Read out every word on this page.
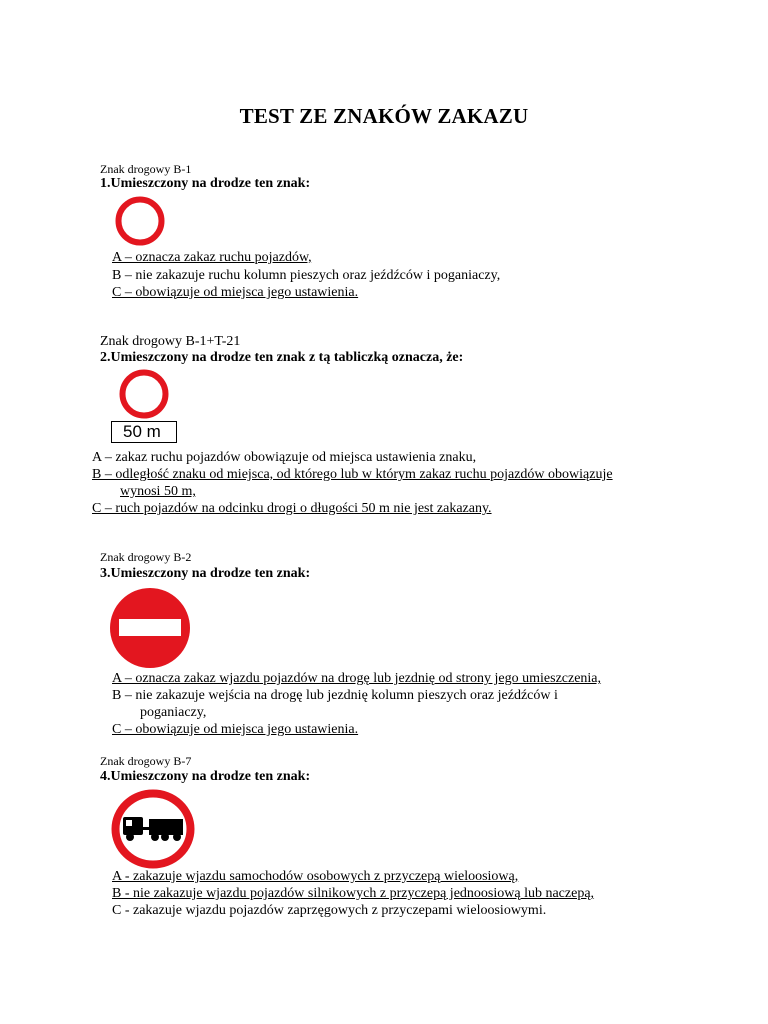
TEST ZE ZNAKÓW ZAKAZU
Znak drogowy B-1
1.Umieszczony na drodze ten znak:
A – oznacza zakaz ruchu pojazdów,
B – nie zakazuje ruchu kolumn pieszych oraz jeźdźców i poganiaczy,
C – obowiązuje od miejsca jego ustawienia.
Znak drogowy B-1+T-21
2.Umieszczony na drodze ten znak z tą tabliczką oznacza, że:
50 m
A – zakaz ruchu pojazdów obowiązuje od miejsca ustawienia znaku,
B – odległość znaku od miejsca, od którego lub w którym zakaz ruchu pojazdów obowiązuje
wynosi 50 m,
C – ruch pojazdów na odcinku drogi o długości 50 m nie jest zakazany.
Znak drogowy B-2
3.Umieszczony na drodze ten znak:
A – oznacza zakaz wjazdu pojazdów na drogę lub jezdnię od strony jego umieszczenia,
B – nie zakazuje wejścia na drogę lub jezdnię kolumn pieszych oraz jeźdźców i
poganiaczy,
C – obowiązuje od miejsca jego ustawienia.
Znak drogowy B-7
4.Umieszczony na drodze ten znak:
A - zakazuje wjazdu samochodów osobowych z przyczepą wieloosiową,
B - nie zakazuje wjazdu pojazdów silnikowych z przyczepą jednoosiową lub naczepą,
C - zakazuje wjazdu pojazdów zaprzęgowych z przyczepami wieloosiowymi.
